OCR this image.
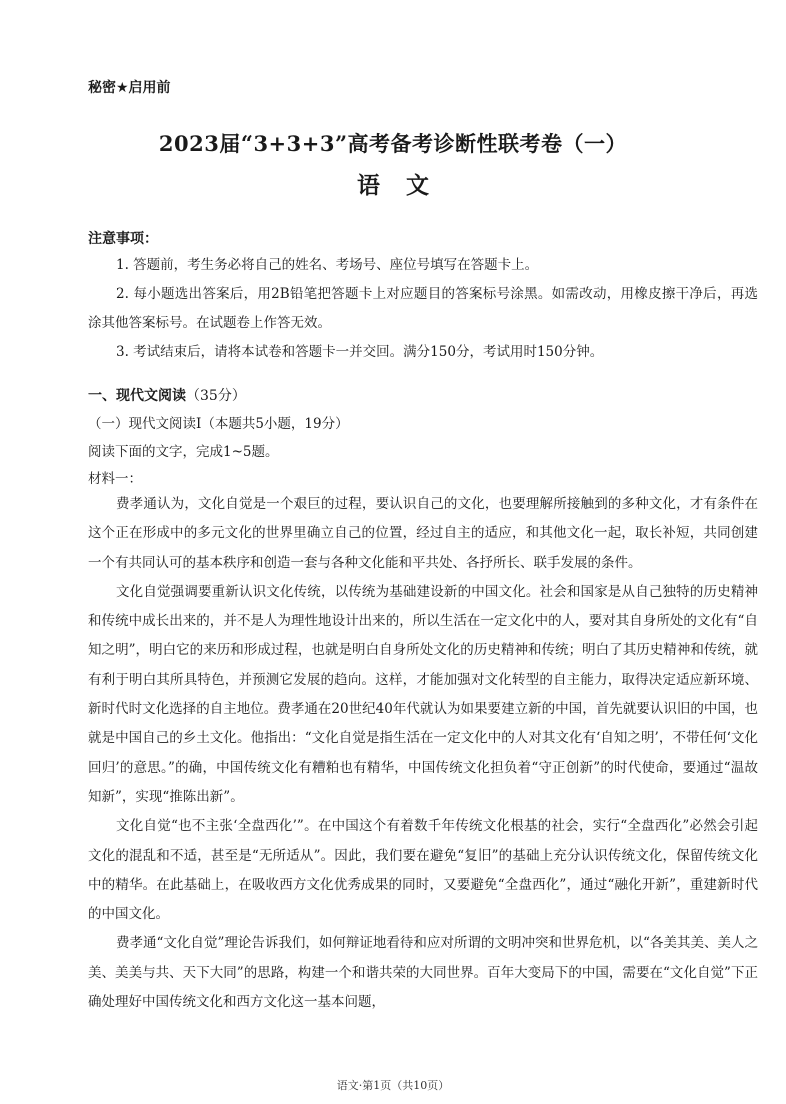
秘密★启用前
2023届“3+3+3”高考备考诊断性联考卷（一）
语文
注意事项：
1. 答题前，考生务必将自己的姓名、考场号、座位号填写在答题卡上。
2. 每小题选出答案后，用2B铅笔把答题卡上对应题目的答案标号涂黑。如需改动，用橡皮擦干净后，再选涂其他答案标号。在试题卷上作答无效。
3. 考试结束后，请将本试卷和答题卡一并交回。满分150分，考试用时150分钟。
一、现代文阅读（35分）
（一）现代文阅读Ⅰ（本题共5小题，19分）
阅读下面的文字，完成1~5题。
材料一：

费孝通认为，文化自觉是一个艰巨的过程，要认识自己的文化，也要理解所接触到的多种文化，才有条件在这个正在形成中的多元文化的世界里确立自己的位置，经过自主的适应，和其他文化一起，取长补短，共同创建一个有共同认可的基本秩序和创造一套与各种文化能和平共处、各抒所长、联手发展的条件。

文化自觉强调要重新认识文化传统，以传统为基础建设新的中国文化。社会和国家是从自己独特的历史精神和传统中成长出来的，并不是人为理性地设计出来的，所以生活在一定文化中的人，要对其自身所处的文化有“自知之明”，明白它的来历和形成过程，也就是明白自身所处文化的历史精神和传统；明白了其历史精神和传统，就有利于明白其所具特色，并预测它发展的趋向。这样，才能加强对文化转型的自主能力，取得决定适应新环境、新时代时文化选择的自主地位。费孝通在20世纪40年代就认为如果要建立新的中国，首先就要认识旧的中国，也就是中国自己的乡土文化。他指出：“文化自觉是指生活在一定文化中的人对其文化有‘自知之明’，不带任何‘文化回归’的意思。”的确，中国传统文化有糟粕也有精华，中国传统文化担负着“守正创新”的时代使命，要通过“温故知新”，实现“推陈出新”。

文化自觉“也不主张‘全盘西化’”。在中国这个有着数千年传统文化根基的社会，实行“全盘西化”必然会引起文化的混乱和不适，甚至是“无所适从”。因此，我们要在避免“复旧”的基础上充分认识传统文化，保留传统文化中的精华。在此基础上，在吸收西方文化优秀成果的同时，又要避免“全盘西化”，通过“融化开新”，重建新时代的中国文化。

费孝通“文化自觉”理论告诉我们，如何辩证地看待和应对所谓的文明冲突和世界危机，以“各美其美、美人之美、美美与共、天下大同”的思路，构建一个和谐共荣的大同世界。百年大变局下的中国，需要在“文化自觉”下正确处理好中国传统文化和西方文化这一基本问题，

语文·第1页（共10页）
